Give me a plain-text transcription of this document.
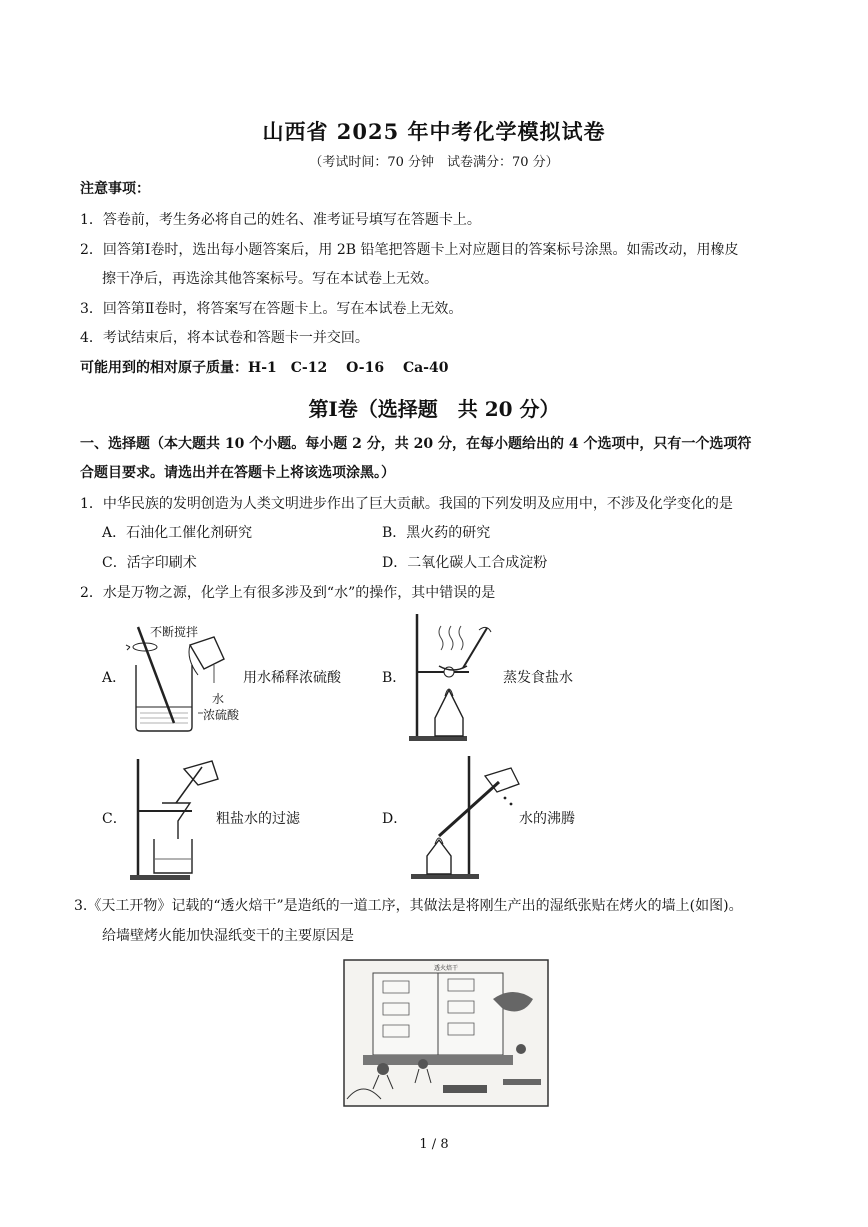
山西省 2025 年中考化学模拟试卷
（考试时间：70 分钟　试卷满分：70 分）
注意事项：
1．答卷前，考生务必将自己的姓名、准考证号填写在答题卡上。
2．回答第Ⅰ卷时，选出每小题答案后，用 2B 铅笔把答题卡上对应题目的答案标号涂黑。如需改动，用橡皮
擦干净后，再选涂其他答案标号。写在本试卷上无效。
3．回答第Ⅱ卷时，将答案写在答题卡上。写在本试卷上无效。
4．考试结束后，将本试卷和答题卡一并交回。
可能用到的相对原子质量：H-1　C-12　 O-16　 Ca-40
第Ⅰ卷（选择题　共 20 分）
一、选择题（本大题共 10 个小题。每小题 2 分，共 20 分，在每小题给出的 4 个选项中，只有一个选项符
合题目要求。请选出并在答题卡上将该选项涂黑。）
1．中华民族的发明创造为人类文明进步作出了巨大贡献。我国的下列发明及应用中，不涉及化学变化的是
A．石油化工催化剂研究	B．黑火药的研究
C．活字印刷术	D．二氧化碳人工合成淀粉
2．水是万物之源，化学上有很多涉及到“水”的操作，其中错误的是
A．
不断搅拌
水
浓硫酸
用水稀释浓硫酸	B．	蒸发食盐水
C．	粗盐水的过滤	D．	水的沸腾
3.《天工开物》记载的“透火焙干”是造纸的一道工序，其做法是将刚生产出的湿纸张贴在烤火的墙上(如图)。
给墙壁烤火能加快湿纸变干的主要原因是
透火焙干
1 / 8
